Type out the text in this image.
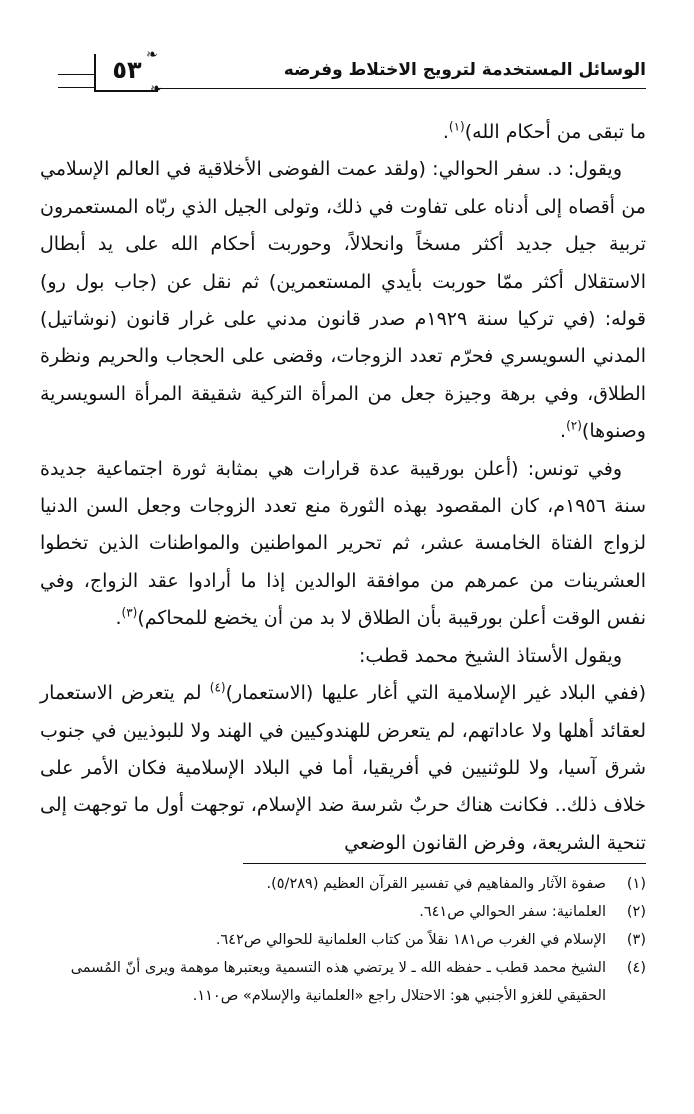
الوسائل المستخدمة لترويج الاختلاط وفرضه
٥٣
❧
❧

ما تبقى من أحكام الله)$^{(١)}$.

ويقول: د. سفر الحوالي: (ولقد عمت الفوضى الأخلاقية في العالم الإسلامي من أقصاه إلى أدناه على تفاوت في ذلك، وتولى الجيل الذي ربّاه المستعمرون تربية جيل جديد أكثر مسخاً وانحلالاً، وحوربت أحكام الله على يد أبطال الاستقلال أكثر ممّا حوربت بأيدي المستعمرين) ثم نقل عن (جاب بول رو) قوله: (في تركيا سنة ١٩٢٩م صدر قانون مدني على غرار قانون (نوشاتيل) المدني السويسري فحرّم تعدد الزوجات، وقضى على الحجاب والحريم ونظرة الطلاق، وفي برهة وجيزة جعل من المرأة التركية شقيقة المرأة السويسرية وصنوها)$^{(٢)}$.

وفي تونس: (أعلن بورقيبة عدة قرارات هي بمثابة ثورة اجتماعية جديدة سنة ١٩٥٦م، كان المقصود بهذه الثورة منع تعدد الزوجات وجعل السن الدنيا لزواج الفتاة الخامسة عشر، ثم تحرير المواطنين والمواطنات الذين تخطوا العشرينات من عمرهم من موافقة الوالدين إذا ما أرادوا عقد الزواج، وفي نفس الوقت أعلن بورقيبة بأن الطلاق لا بد من أن يخضع للمحاكم)$^{(٣)}$.

ويقول الأستاذ الشيخ محمد قطب:

(ففي البلاد غير الإسلامية التي أغار عليها (الاستعمار)$^{(٤)}$ لم يتعرض الاستعمار لعقائد أهلها ولا عاداتهم، لم يتعرض للهندوكيين في الهند ولا للبوذيين في جنوب شرق آسيا، ولا للوثنيين في أفريقيا، أما في البلاد الإسلامية فكان الأمر على خلاف ذلك.. فكانت هناك حربٌ شرسة ضد الإسلام، توجهت أول ما توجهت إلى تنحية الشريعة، وفرض القانون الوضعي

(١)
صفوة الآثار والمفاهيم في تفسير القرآن العظيم (٥/٢٨٩).
(٢)
العلمانية: سفر الحوالي ص٦٤١.
(٣)
الإسلام في الغرب ص١٨١ نقلاً من كتاب العلمانية للحوالي ص٦٤٢.
(٤)
الشيخ محمد قطب ـ حفظه الله ـ لا يرتضي هذه التسمية ويعتبرها موهمة ويرى أنّ المُسمى الحقيقي للغزو الأجنبي هو: الاحتلال راجع «العلمانية والإسلام» ص١١٠.
